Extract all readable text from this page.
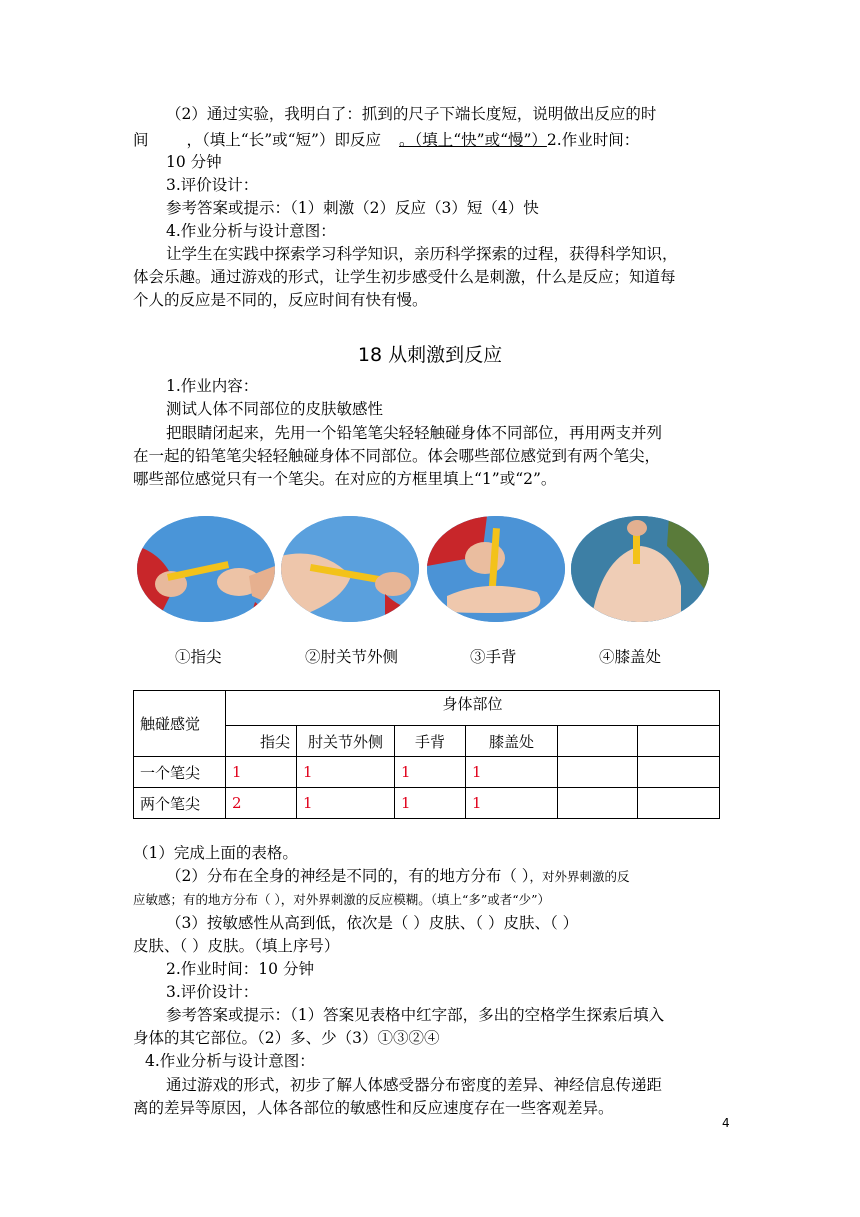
（2）通过实验，我明白了：抓到的尺子下端长度短，说明做出反应的时
间 ，（填上“长”或“短”）即反应 。（填上“快”或“慢”）2.作业时间：
10 分钟
3.评价设计：
参考答案或提示：（1）刺激（2）反应（3）短（4）快
4.作业分析与设计意图：
让学生在实践中探索学习科学知识，亲历科学探索的过程，获得科学知识，
体会乐趣。通过游戏的形式，让学生初步感受什么是刺激，什么是反应；知道每
个人的反应是不同的，反应时间有快有慢。
18 从刺激到反应
1.作业内容：
测试人体不同部位的皮肤敏感性
把眼睛闭起来，先用一个铅笔笔尖轻轻触碰身体不同部位，再用两支并列
在一起的铅笔笔尖轻轻触碰身体不同部位。体会哪些部位感觉到有两个笔尖，
哪些部位感觉只有一个笔尖。在对应的方框里填上“1”或“2”。
①指尖	②肘关节外侧	③手背	④膝盖处
触碰感觉	身体部位					
	指尖	肘关节外侧	手背	膝盖处		
一个笔尖	1	1	1	1		
两个笔尖	2	1	1	1		
（1）完成上面的表格。
（2）分布在全身的神经是不同的，有的地方分布（ ），对外界刺激的反
应敏感；有的地方分布（ ），对外界刺激的反应模糊。（填上“多”或者“少”）
（3）按敏感性从高到低，依次是（ ）皮肤、（ ）皮肤、（ ）
皮肤、（ ）皮肤。（填上序号）
2.作业时间：10 分钟
3.评价设计：
参考答案或提示：（1）答案见表格中红字部，多出的空格学生探索后填入
身体的其它部位。（2）多、少（3）①③②④
4.作业分析与设计意图：
通过游戏的形式，初步了解人体感受器分布密度的差异、神经信息传递距
离的差异等原因，人体各部位的敏感性和反应速度存在一些客观差异。
4
